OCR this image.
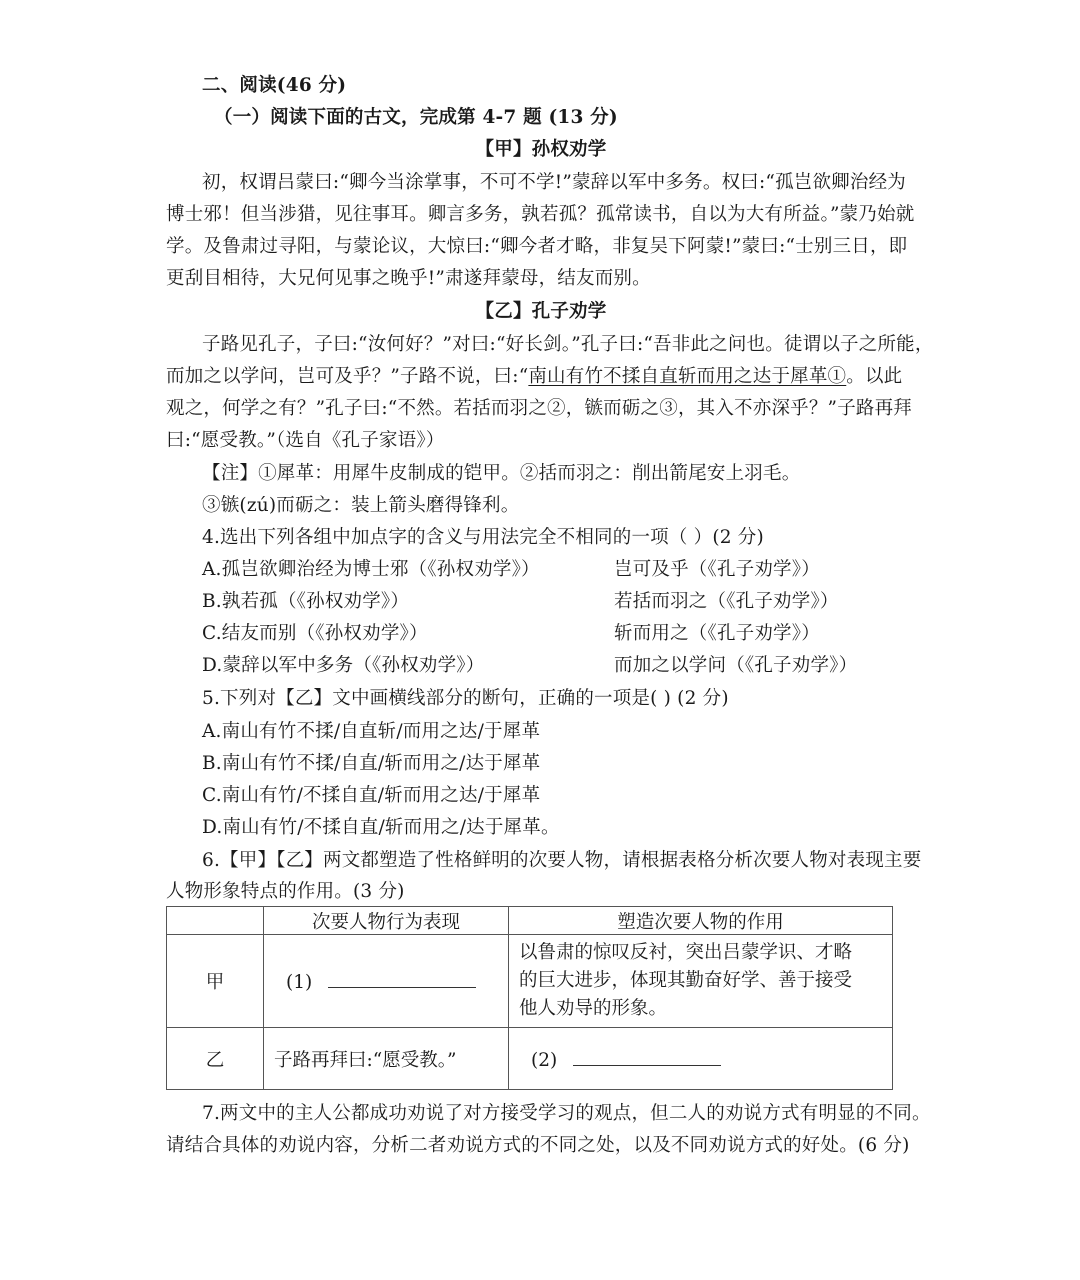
二、阅读(46 分)
（一）阅读下面的古文，完成第 4-7 题 (13 分)
【甲】孙权劝学
初，权谓吕蒙曰:“卿今当涂掌事，不可不学!”蒙辞以军中多务。权曰:“孤岂欲卿治经为
博士邪！但当涉猎，见往事耳。卿言多务，孰若孤？孤常读书，自以为大有所益。”蒙乃始就
学。及鲁肃过寻阳，与蒙论议，大惊曰:“卿今者才略，非复吴下阿蒙!”蒙曰:“士别三日，即
更刮目相待，大兄何见事之晚乎!”肃遂拜蒙母，结友而别。
【乙】孔子劝学
子路见孔子，子曰:“汝何好？”对曰:“好长剑。”孔子曰:“吾非此之问也。徒谓以子之所能，
而加之以学问，岂可及乎？”子路不说，曰:“南山有竹不揉自直斩而用之达于犀革①。以此
观之，何学之有？”孔子曰:“不然。若括而羽之②，镞而砺之③，其入不亦深乎？”子路再拜
曰:“愿受教。”（选自《孔子家语》）
【注】①犀革：用犀牛皮制成的铠甲。②括而羽之：削出箭尾安上羽毛。
③镞(zú)而砺之：装上箭头磨得锋利。
4.选出下列各组中加点字的含义与用法完全不相同的一项（ ）(2 分)
A.孤岂欲卿治经为博士邪（《孙权劝学》）	岂可及乎（《孔子劝学》）
B.孰若孤（《孙权劝学》）	若括而羽之（《孔子劝学》）
C.结友而别（《孙权劝学》）	斩而用之（《孔子劝学》）
D.蒙辞以军中多务（《孙权劝学》）	而加之以学问（《孔子劝学》）
5.下列对【乙】文中画横线部分的断句，正确的一项是( ) (2 分)
A.南山有竹不揉/自直斩/而用之达/于犀革
B.南山有竹不揉/自直/斩而用之/达于犀革
C.南山有竹/不揉自直/斩而用之达/于犀革
D.南山有竹/不揉自直/斩而用之/达于犀革。
6.【甲】【乙】两文都塑造了性格鲜明的次要人物，请根据表格分析次要人物对表现主要
人物形象特点的作用。(3 分)
7.两文中的主人公都成功劝说了对方接受学习的观点，但二人的劝说方式有明显的不同。
请结合具体的劝说内容，分析二者劝说方式的不同之处，以及不同劝说方式的好处。(6 分)
	次要人物行为表现	塑造次要人物的作用
甲	(1)	以鲁肃的惊叹反衬，突出吕蒙学识、才略
的巨大进步，体现其勤奋好学、善于接受
他人劝导的形象。

乙	子路再拜曰:“愿受教。”	(2)
